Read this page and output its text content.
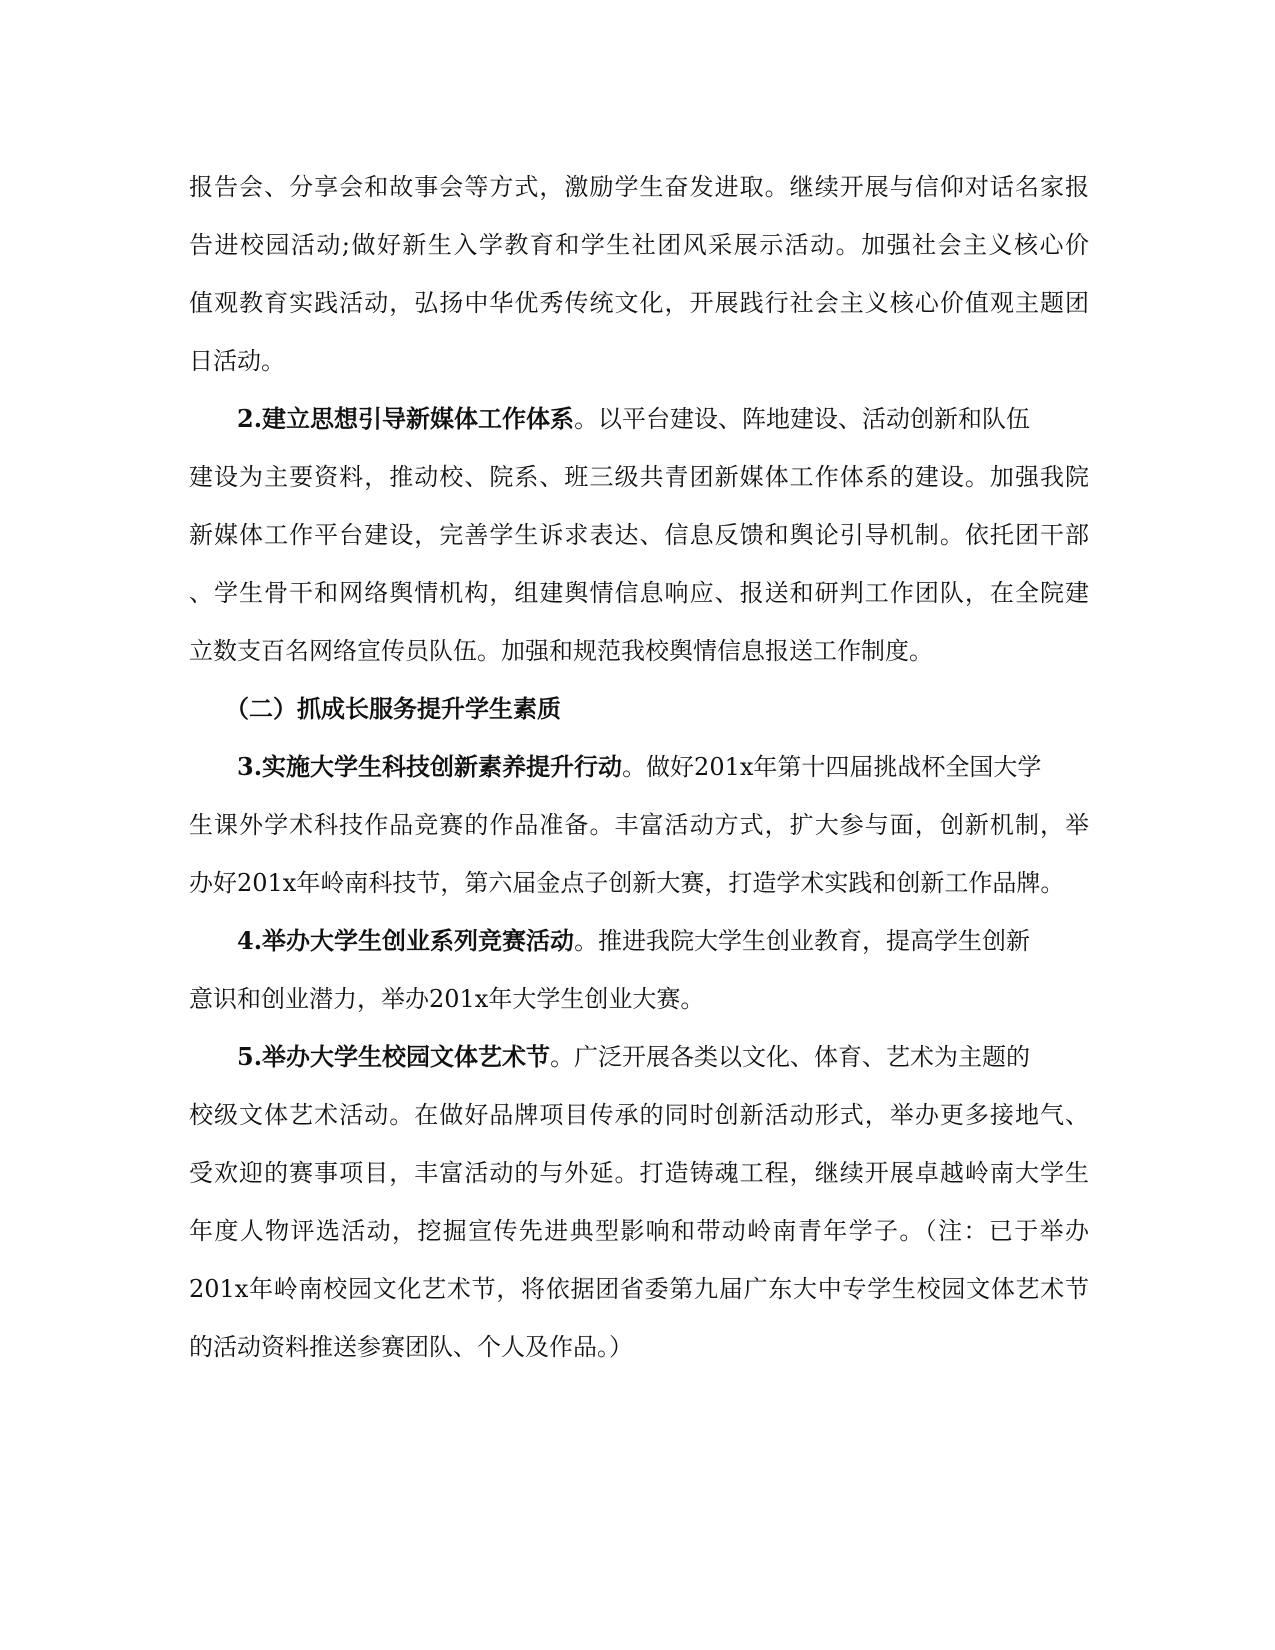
报告会、分享会和故事会等方式，激励学生奋发进取。继续开展与信仰对话名家报
告进校园活动;做好新生入学教育和学生社团风采展示活动。加强社会主义核心价
值观教育实践活动，弘扬中华优秀传统文化，开展践行社会主义核心价值观主题团
日活动。
2.建立思想引导新媒体工作体系。以平台建设、阵地建设、活动创新和队伍
建设为主要资料，推动校、院系、班三级共青团新媒体工作体系的建设。加强我院
新媒体工作平台建设，完善学生诉求表达、信息反馈和舆论引导机制。依托团干部
、学生骨干和网络舆情机构，组建舆情信息响应、报送和研判工作团队，在全院建
立数支百名网络宣传员队伍。加强和规范我校舆情信息报送工作制度。
（二）抓成长服务提升学生素质
3.实施大学生科技创新素养提升行动。做好201x年第十四届挑战杯全国大学
生课外学术科技作品竞赛的作品准备。丰富活动方式，扩大参与面，创新机制，举
办好201x年岭南科技节，第六届金点子创新大赛，打造学术实践和创新工作品牌。
4.举办大学生创业系列竞赛活动。推进我院大学生创业教育，提高学生创新
意识和创业潜力，举办201x年大学生创业大赛。
5.举办大学生校园文体艺术节。广泛开展各类以文化、体育、艺术为主题的
校级文体艺术活动。在做好品牌项目传承的同时创新活动形式，举办更多接地气、
受欢迎的赛事项目，丰富活动的与外延。打造铸魂工程，继续开展卓越岭南大学生
年度人物评选活动，挖掘宣传先进典型影响和带动岭南青年学子。（注：已于举办
201x年岭南校园文化艺术节，将依据团省委第九届广东大中专学生校园文体艺术节
的活动资料推送参赛团队、个人及作品。）
